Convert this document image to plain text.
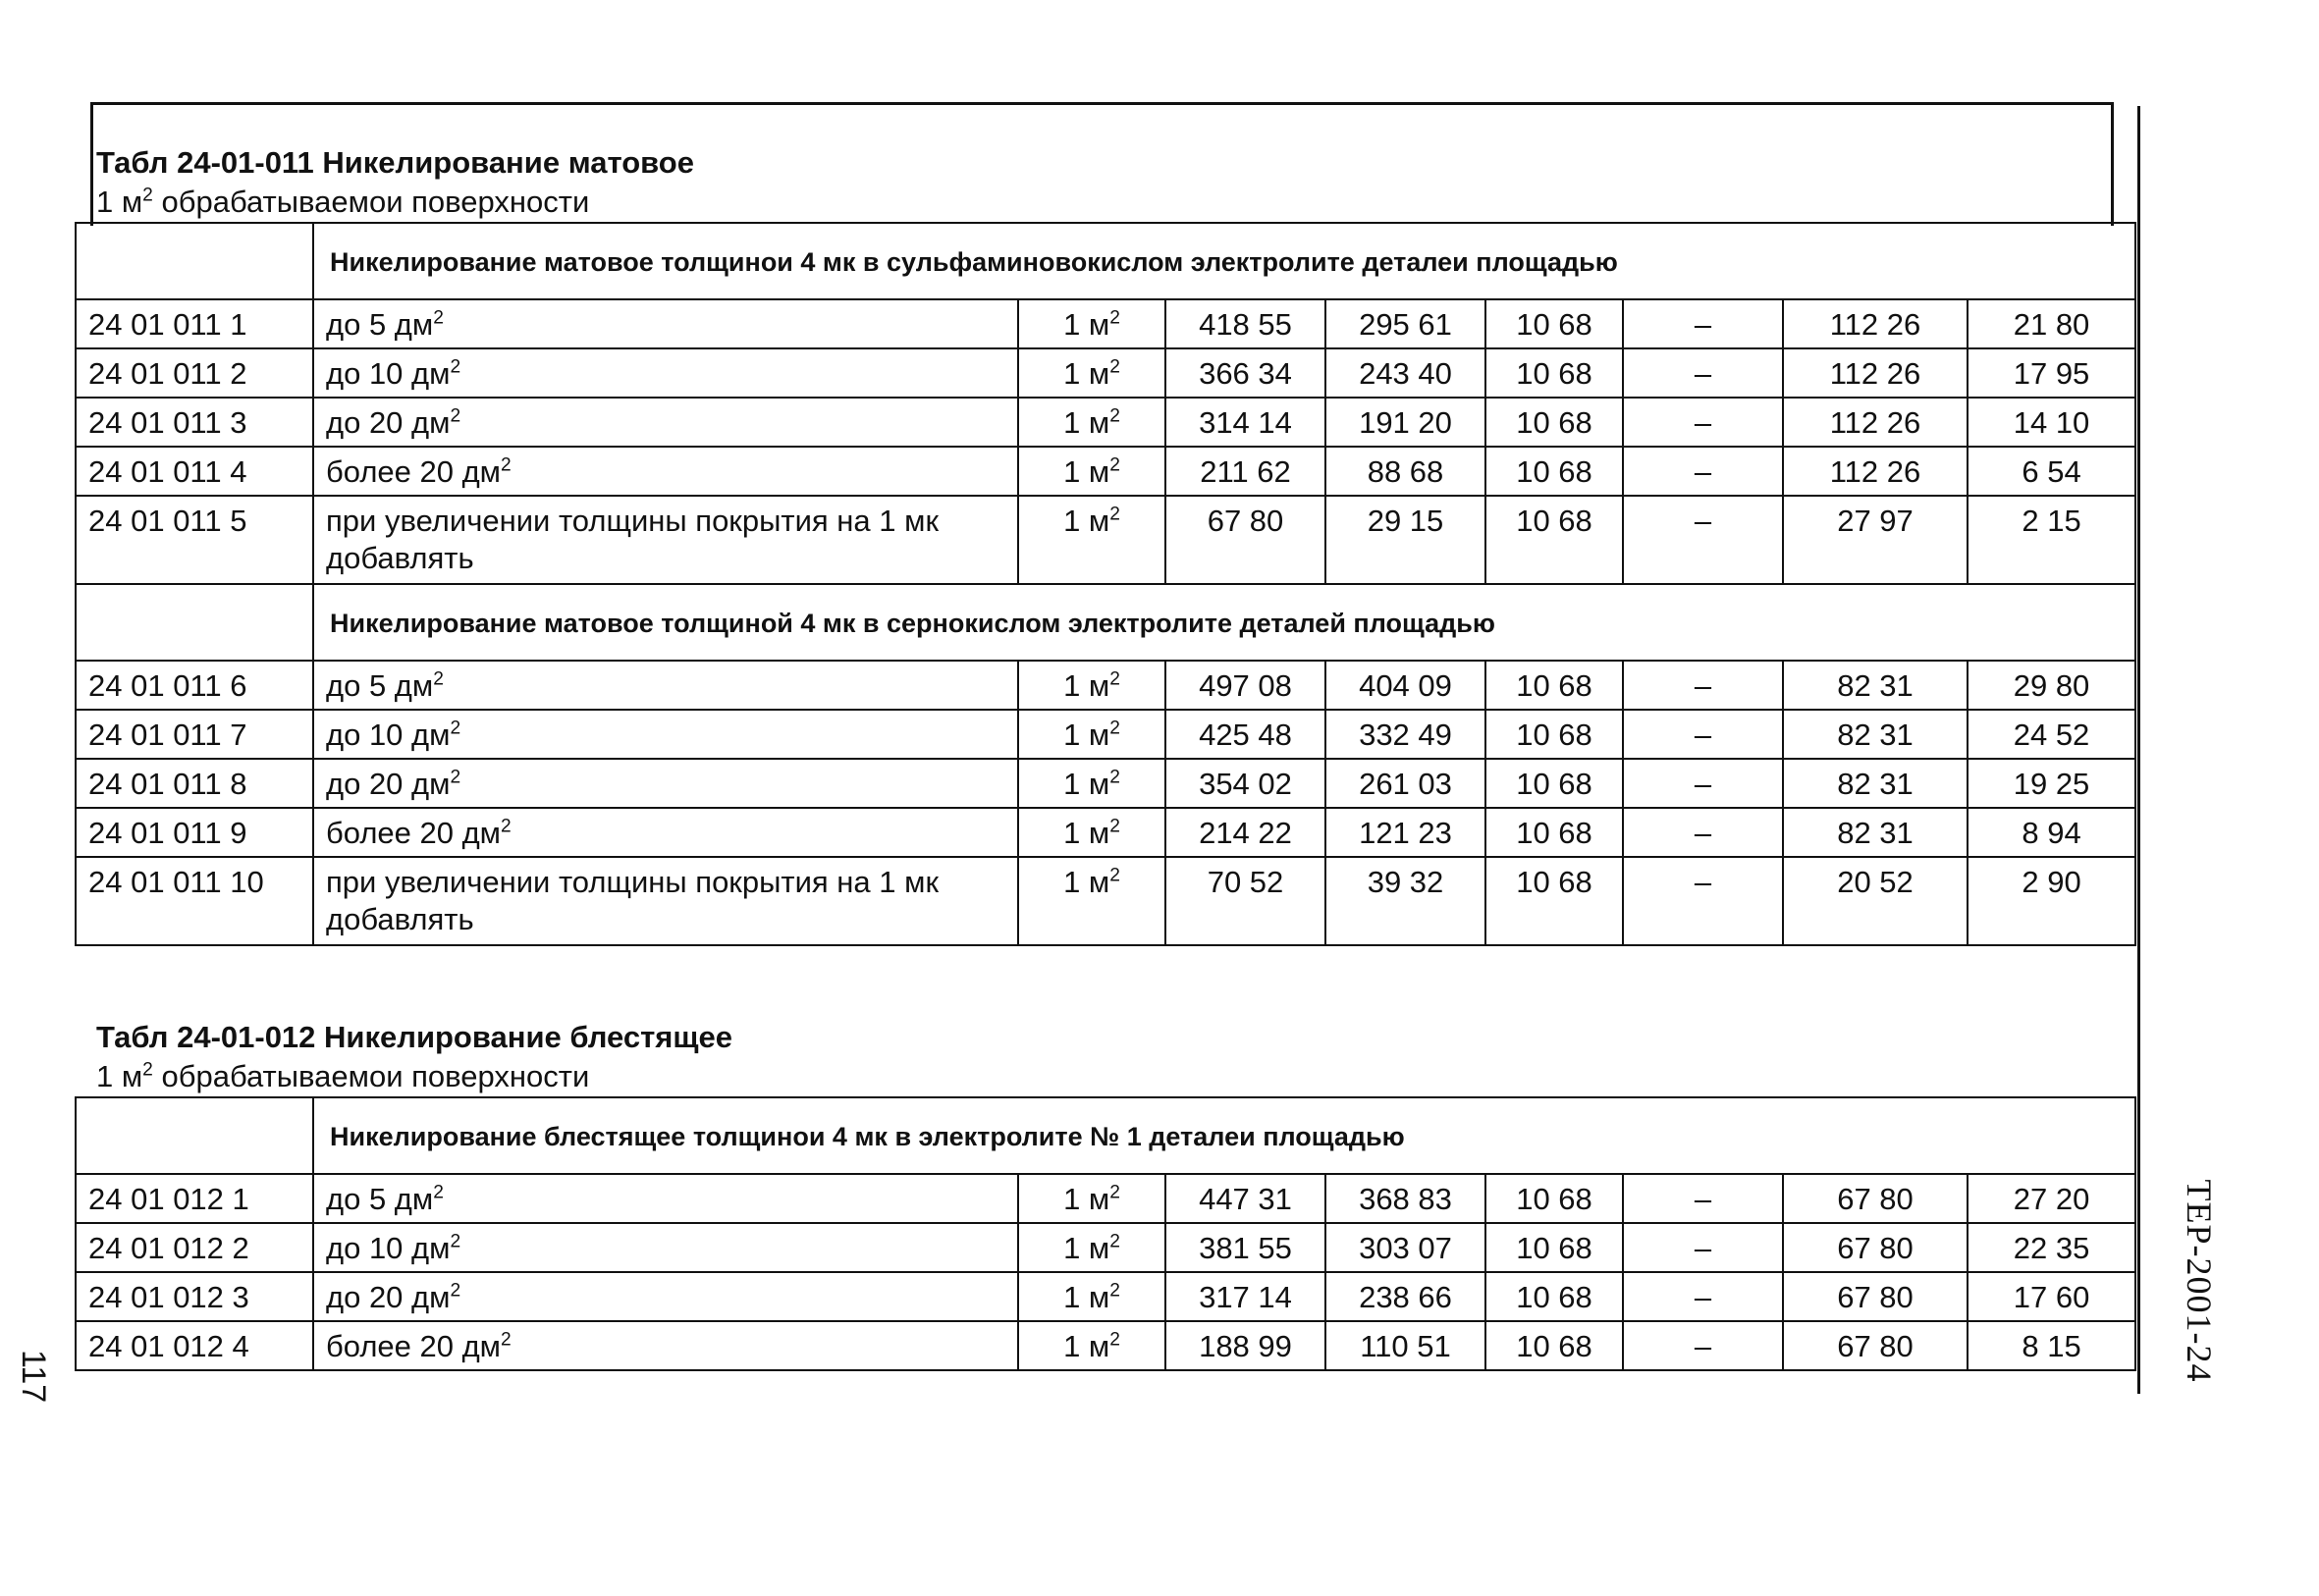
117	ТЕР-2001-24
Табл 24-01-011 Никелирование матовое
1 $м^2$ обрабатываемои поверхности
	Никелирование матовое толщинои 4 мк в сульфаминовокислом электролите деталеи площадью							
24 01 011 1	до 5 $дм^2$	1 $м^2$	418 55	295 61	10 68	–	112 26	21 80
24 01 011 2	до 10 $дм^2$	1 $м^2$	366 34	243 40	10 68	–	112 26	17 95
24 01 011 3	до 20 $дм^2$	1 $м^2$	314 14	191 20	10 68	–	112 26	14 10
24 01 011 4	более 20 $дм^2$	1 $м^2$	211 62	88 68	10 68	–	112 26	6 54
24 01 011 5	при увеличении толщины покрытия на 1 мк добавлять	1 $м^2$	67 80	29 15	10 68	–	27 97	2 15
	Никелирование матовое толщиной 4 мк в сернокислом электролите деталей площадью							
24 01 011 6	до 5 $дм^2$	1 $м^2$	497 08	404 09	10 68	–	82 31	29 80
24 01 011 7	до 10 $дм^2$	1 $м^2$	425 48	332 49	10 68	–	82 31	24 52
24 01 011 8	до 20 $дм^2$	1 $м^2$	354 02	261 03	10 68	–	82 31	19 25
24 01 011 9	более 20 $дм^2$	1 $м^2$	214 22	121 23	10 68	–	82 31	8 94
24 01 011 10	при увеличении толщины покрытия на 1 мк добавлять	1 $м^2$	70 52	39 32	10 68	–	20 52	2 90
Табл 24-01-012 Никелирование блестящее
1 $м^2$ обрабатываемои поверхности
	Никелирование блестящее толщинои 4 мк в электролите № 1 деталеи площадью							
24 01 012 1	до 5 $дм^2$	1 $м^2$	447 31	368 83	10 68	–	67 80	27 20
24 01 012 2	до 10 $дм^2$	1 $м^2$	381 55	303 07	10 68	–	67 80	22 35
24 01 012 3	до 20 $дм^2$	1 $м^2$	317 14	238 66	10 68	–	67 80	17 60
24 01 012 4	более 20 $дм^2$	1 $м^2$	188 99	110 51	10 68	–	67 80	8 15
